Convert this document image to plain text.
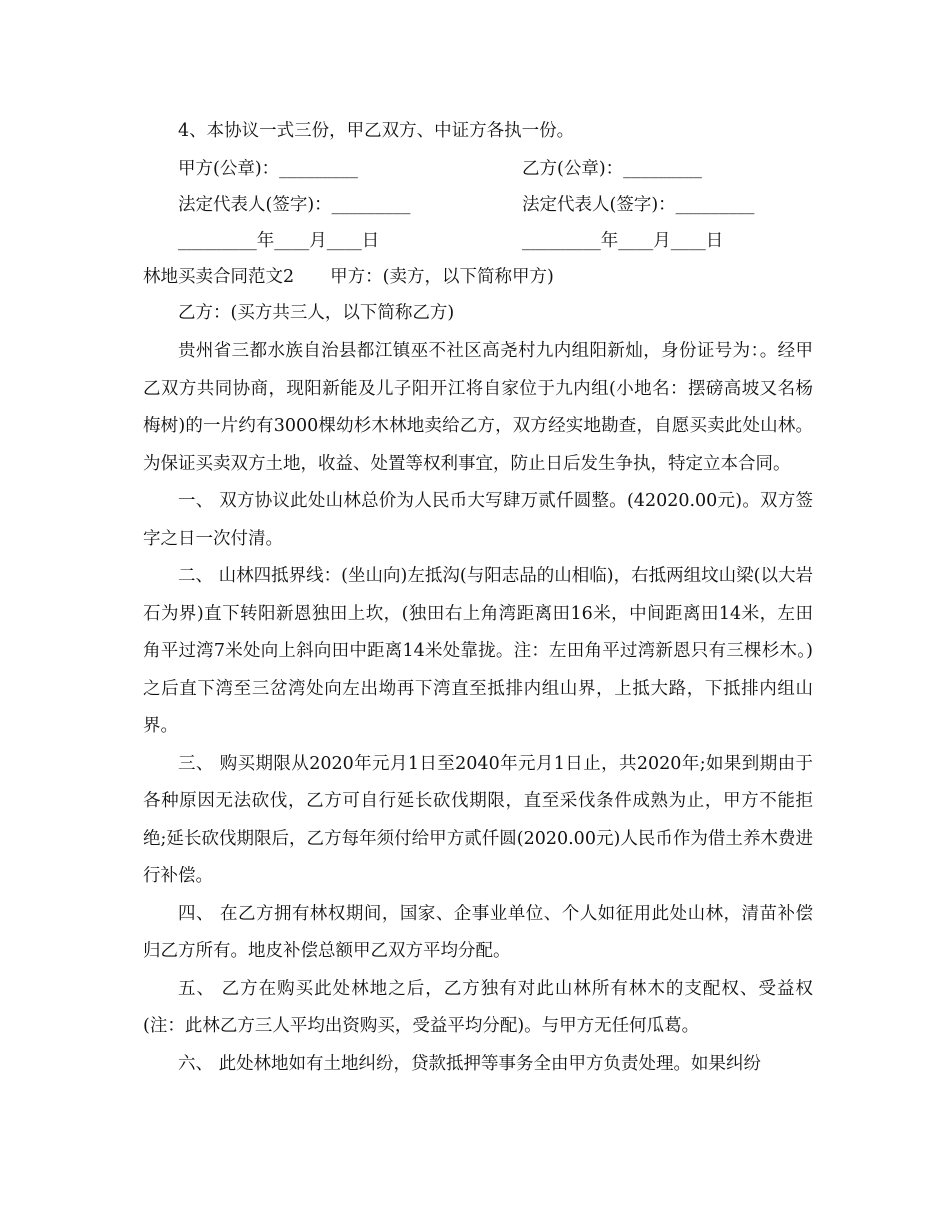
4、本协议一式三份，甲乙双方、中证方各执一份。
甲方(公章)：_________	乙方(公章)：_________
法定代表人(签字)：_________	法定代表人(签字)：_________
_________年____月____日	_________年____月____日
林地买卖合同范文2 甲方：(卖方，以下简称甲方)
乙方：(买方共三人，以下简称乙方)

贵州省三都水族自治县都江镇巫不社区高尧村九内组阳新灿，身份证号为：。经甲乙双方共同协商，现阳新能及儿子阳开江将自家位于九内组(小地名：摆磅高坡又名杨梅树)的一片约有3000棵幼杉木林地卖给乙方，双方经实地勘查，自愿买卖此处山林。为保证买卖双方土地，收益、处置等权利事宜，防止日后发生争执，特定立本合同。

一、 双方协议此处山林总价为人民币大写肆万贰仟圆整。(42020.00元)。双方签字之日一次付清。

二、 山林四抵界线：(坐山向)左抵沟(与阳志品的山相临)，右抵两组坟山梁(以大岩石为界)直下转阳新恩独田上坎，(独田右上角湾距离田16米，中间距离田14米，左田角平过湾7米处向上斜向田中距离14米处靠拢。注：左田角平过湾新恩只有三棵杉木。)之后直下湾至三岔湾处向左出坳再下湾直至抵排内组山界，上抵大路，下抵排内组山界。

三、 购买期限从2020年元月1日至2040年元月1日止，共2020年;如果到期由于各种原因无法砍伐，乙方可自行延长砍伐期限，直至采伐条件成熟为止，甲方不能拒绝;延长砍伐期限后，乙方每年须付给甲方贰仟圆(2020.00元)人民币作为借土养木费进行补偿。

四、 在乙方拥有林权期间，国家、企事业单位、个人如征用此处山林，清苗补偿归乙方所有。地皮补偿总额甲乙双方平均分配。

五、 乙方在购买此处林地之后，乙方独有对此山林所有林木的支配权、受益权(注：此林乙方三人平均出资购买，受益平均分配)。与甲方无任何瓜葛。

六、 此处林地如有土地纠纷，贷款抵押等事务全由甲方负责处理。如果纠纷
